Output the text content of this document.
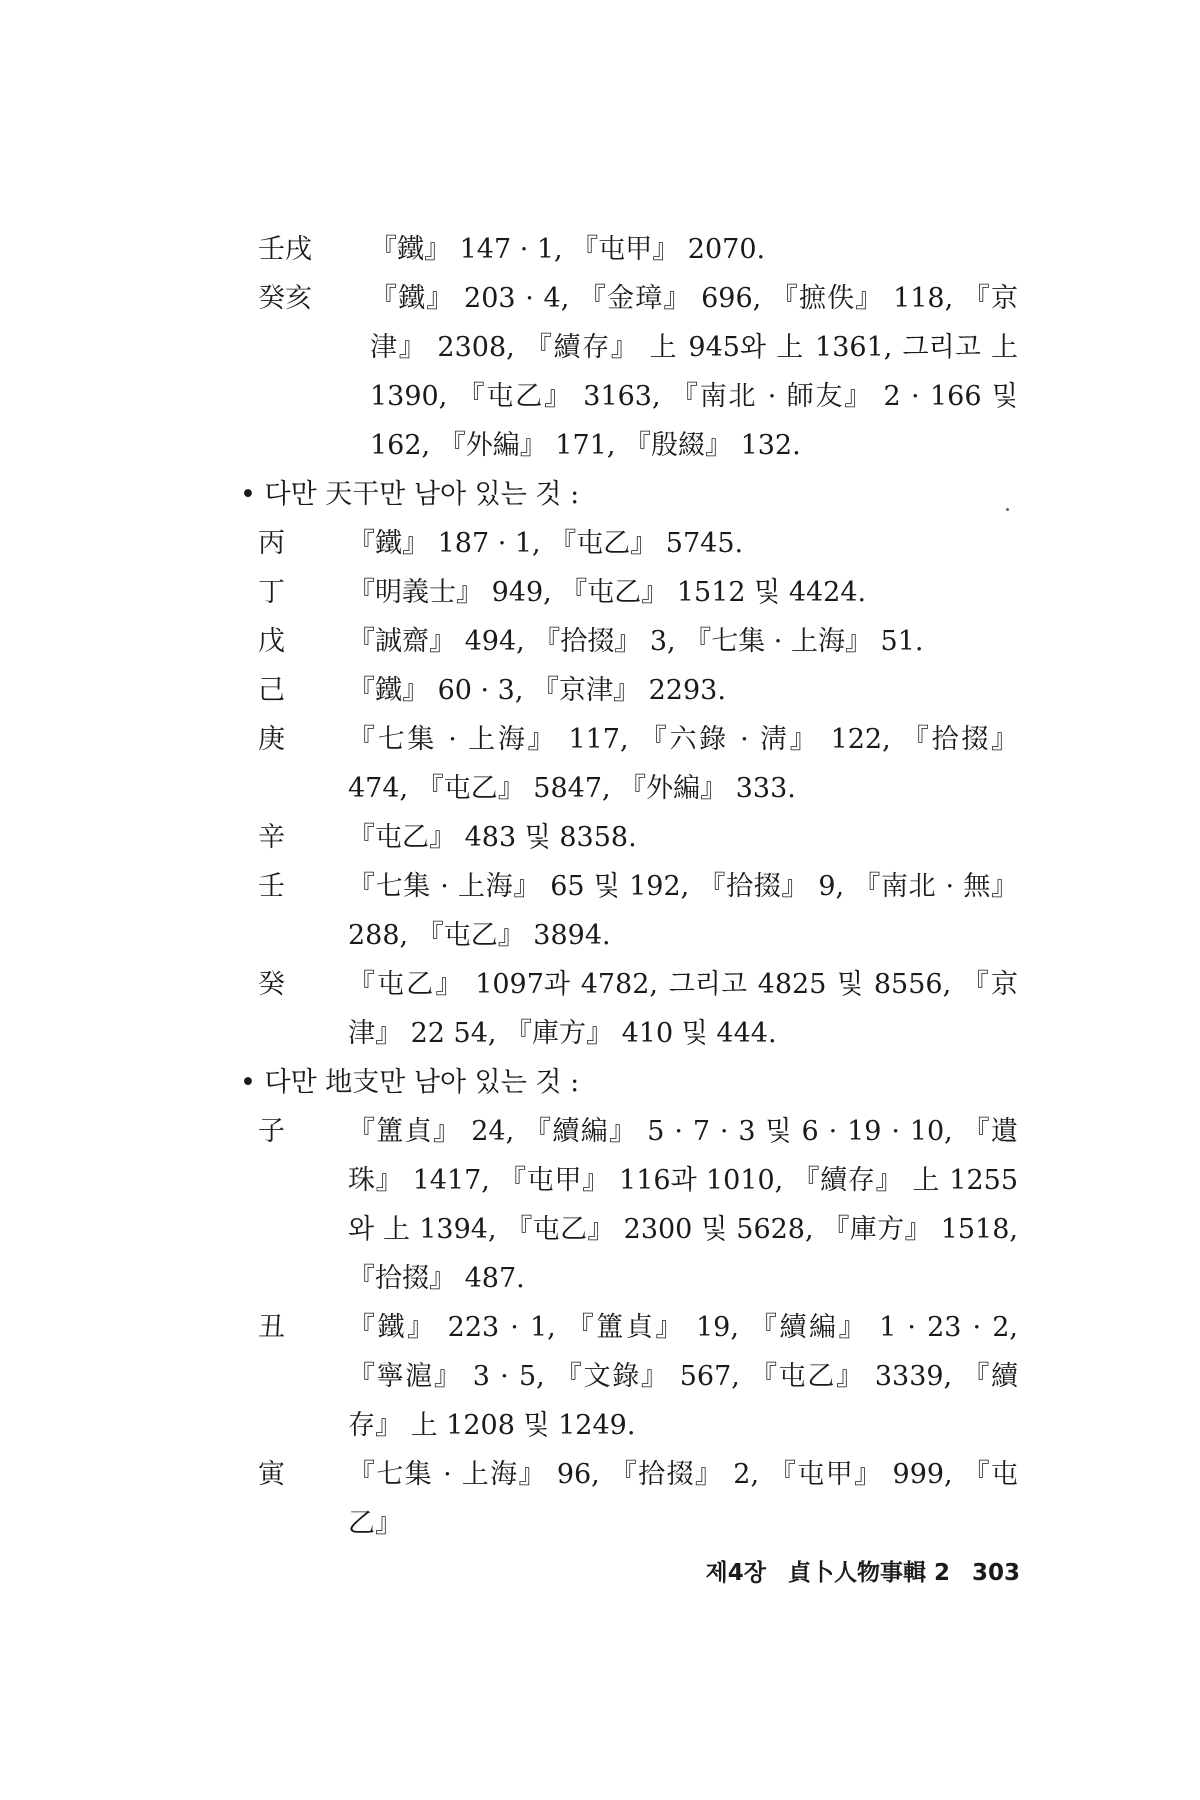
壬戌	『鐵』 147 · 1, 『屯甲』 2070.
癸亥	『鐵』 203 · 4, 『金璋』 696, 『摭佚』 118, 『京津』 2308, 『續存』 上 945와 上 1361, 그리고 上 1390, 『屯乙』 3163, 『南北 · 師友』 2 · 166 및 162, 『外編』 171, 『殷綴』 132.
• 다만 天干만 남아 있는 것 :
丙	『鐵』 187 · 1, 『屯乙』 5745.
丁	『明義士』 949, 『屯乙』 1512 및 4424.
戊	『誠齋』 494, 『拾掇』 3, 『七集 · 上海』 51.
己	『鐵』 60 · 3, 『京津』 2293.
庚	『七集 · 上海』 117, 『六錄 · 淸』 122, 『拾掇』 474, 『屯乙』 5847, 『外編』 333.
辛	『屯乙』 483 및 8358.
壬	『七集 · 上海』 65 및 192, 『拾掇』 9, 『南北 · 無』 288, 『屯乙』 3894.
癸	『屯乙』 1097과 4782, 그리고 4825 및 8556, 『京津』 22 54, 『庫方』 410 및 444.
• 다만 地支만 남아 있는 것 :
子	『簠貞』 24, 『續編』 5 · 7 · 3 및 6 · 19 · 10, 『遺珠』 1417, 『屯甲』 116과 1010, 『續存』 上 1255와 上 1394, 『屯乙』 2300 및 5628, 『庫方』 1518, 『拾掇』 487.
丑	『鐵』 223 · 1, 『簠貞』 19, 『續編』 1 · 23 · 2, 『寧滬』 3 · 5, 『文錄』 567, 『屯乙』 3339, 『續存』 上 1208 및 1249.
寅	『七集 · 上海』 96, 『拾掇』 2, 『屯甲』 999, 『屯乙』
제4장 貞卜人物事輯 2 303
